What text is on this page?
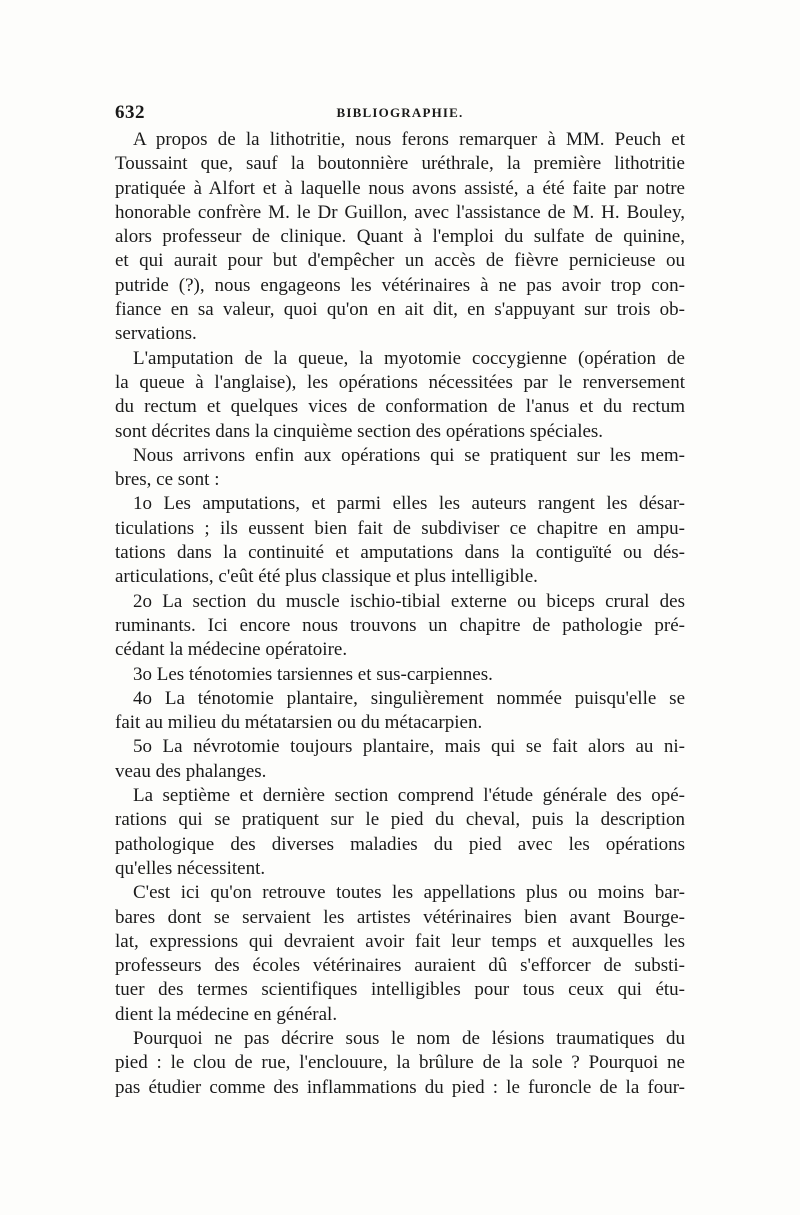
632	BIBLIOGRAPHIE.
A propos de la lithotritie, nous ferons remarquer à MM. Peuch et
Toussaint que, sauf la boutonnière uréthrale, la première lithotritie
pratiquée à Alfort et à laquelle nous avons assisté, a été faite par notre
honorable confrère M. le Dr Guillon, avec l'assistance de M. H. Bouley,
alors professeur de clinique. Quant à l'emploi du sulfate de quinine,
et qui aurait pour but d'empêcher un accès de fièvre pernicieuse ou
putride (?), nous engageons les vétérinaires à ne pas avoir trop con-
fiance en sa valeur, quoi qu'on en ait dit, en s'appuyant sur trois ob-
servations.
L'amputation de la queue, la myotomie coccygienne (opération de
la queue à l'anglaise), les opérations nécessitées par le renversement
du rectum et quelques vices de conformation de l'anus et du rectum
sont décrites dans la cinquième section des opérations spéciales.
Nous arrivons enfin aux opérations qui se pratiquent sur les mem-
bres, ce sont :
1o Les amputations, et parmi elles les auteurs rangent les désar-
ticulations ; ils eussent bien fait de subdiviser ce chapitre en ampu-
tations dans la continuité et amputations dans la contiguïté ou dés-
articulations, c'eût été plus classique et plus intelligible.
2o La section du muscle ischio-tibial externe ou biceps crural des
ruminants. Ici encore nous trouvons un chapitre de pathologie pré-
cédant la médecine opératoire.
3o Les ténotomies tarsiennes et sus-carpiennes.
4o La ténotomie plantaire, singulièrement nommée puisqu'elle se
fait au milieu du métatarsien ou du métacarpien.
5o La névrotomie toujours plantaire, mais qui se fait alors au ni-
veau des phalanges.
La septième et dernière section comprend l'étude générale des opé-
rations qui se pratiquent sur le pied du cheval, puis la description
pathologique des diverses maladies du pied avec les opérations
qu'elles nécessitent.
C'est ici qu'on retrouve toutes les appellations plus ou moins bar-
bares dont se servaient les artistes vétérinaires bien avant Bourge-
lat, expressions qui devraient avoir fait leur temps et auxquelles les
professeurs des écoles vétérinaires auraient dû s'efforcer de substi-
tuer des termes scientifiques intelligibles pour tous ceux qui étu-
dient la médecine en général.
Pourquoi ne pas décrire sous le nom de lésions traumatiques du
pied : le clou de rue, l'enclouure, la brûlure de la sole ? Pourquoi ne
pas étudier comme des inflammations du pied : le furoncle de la four-
